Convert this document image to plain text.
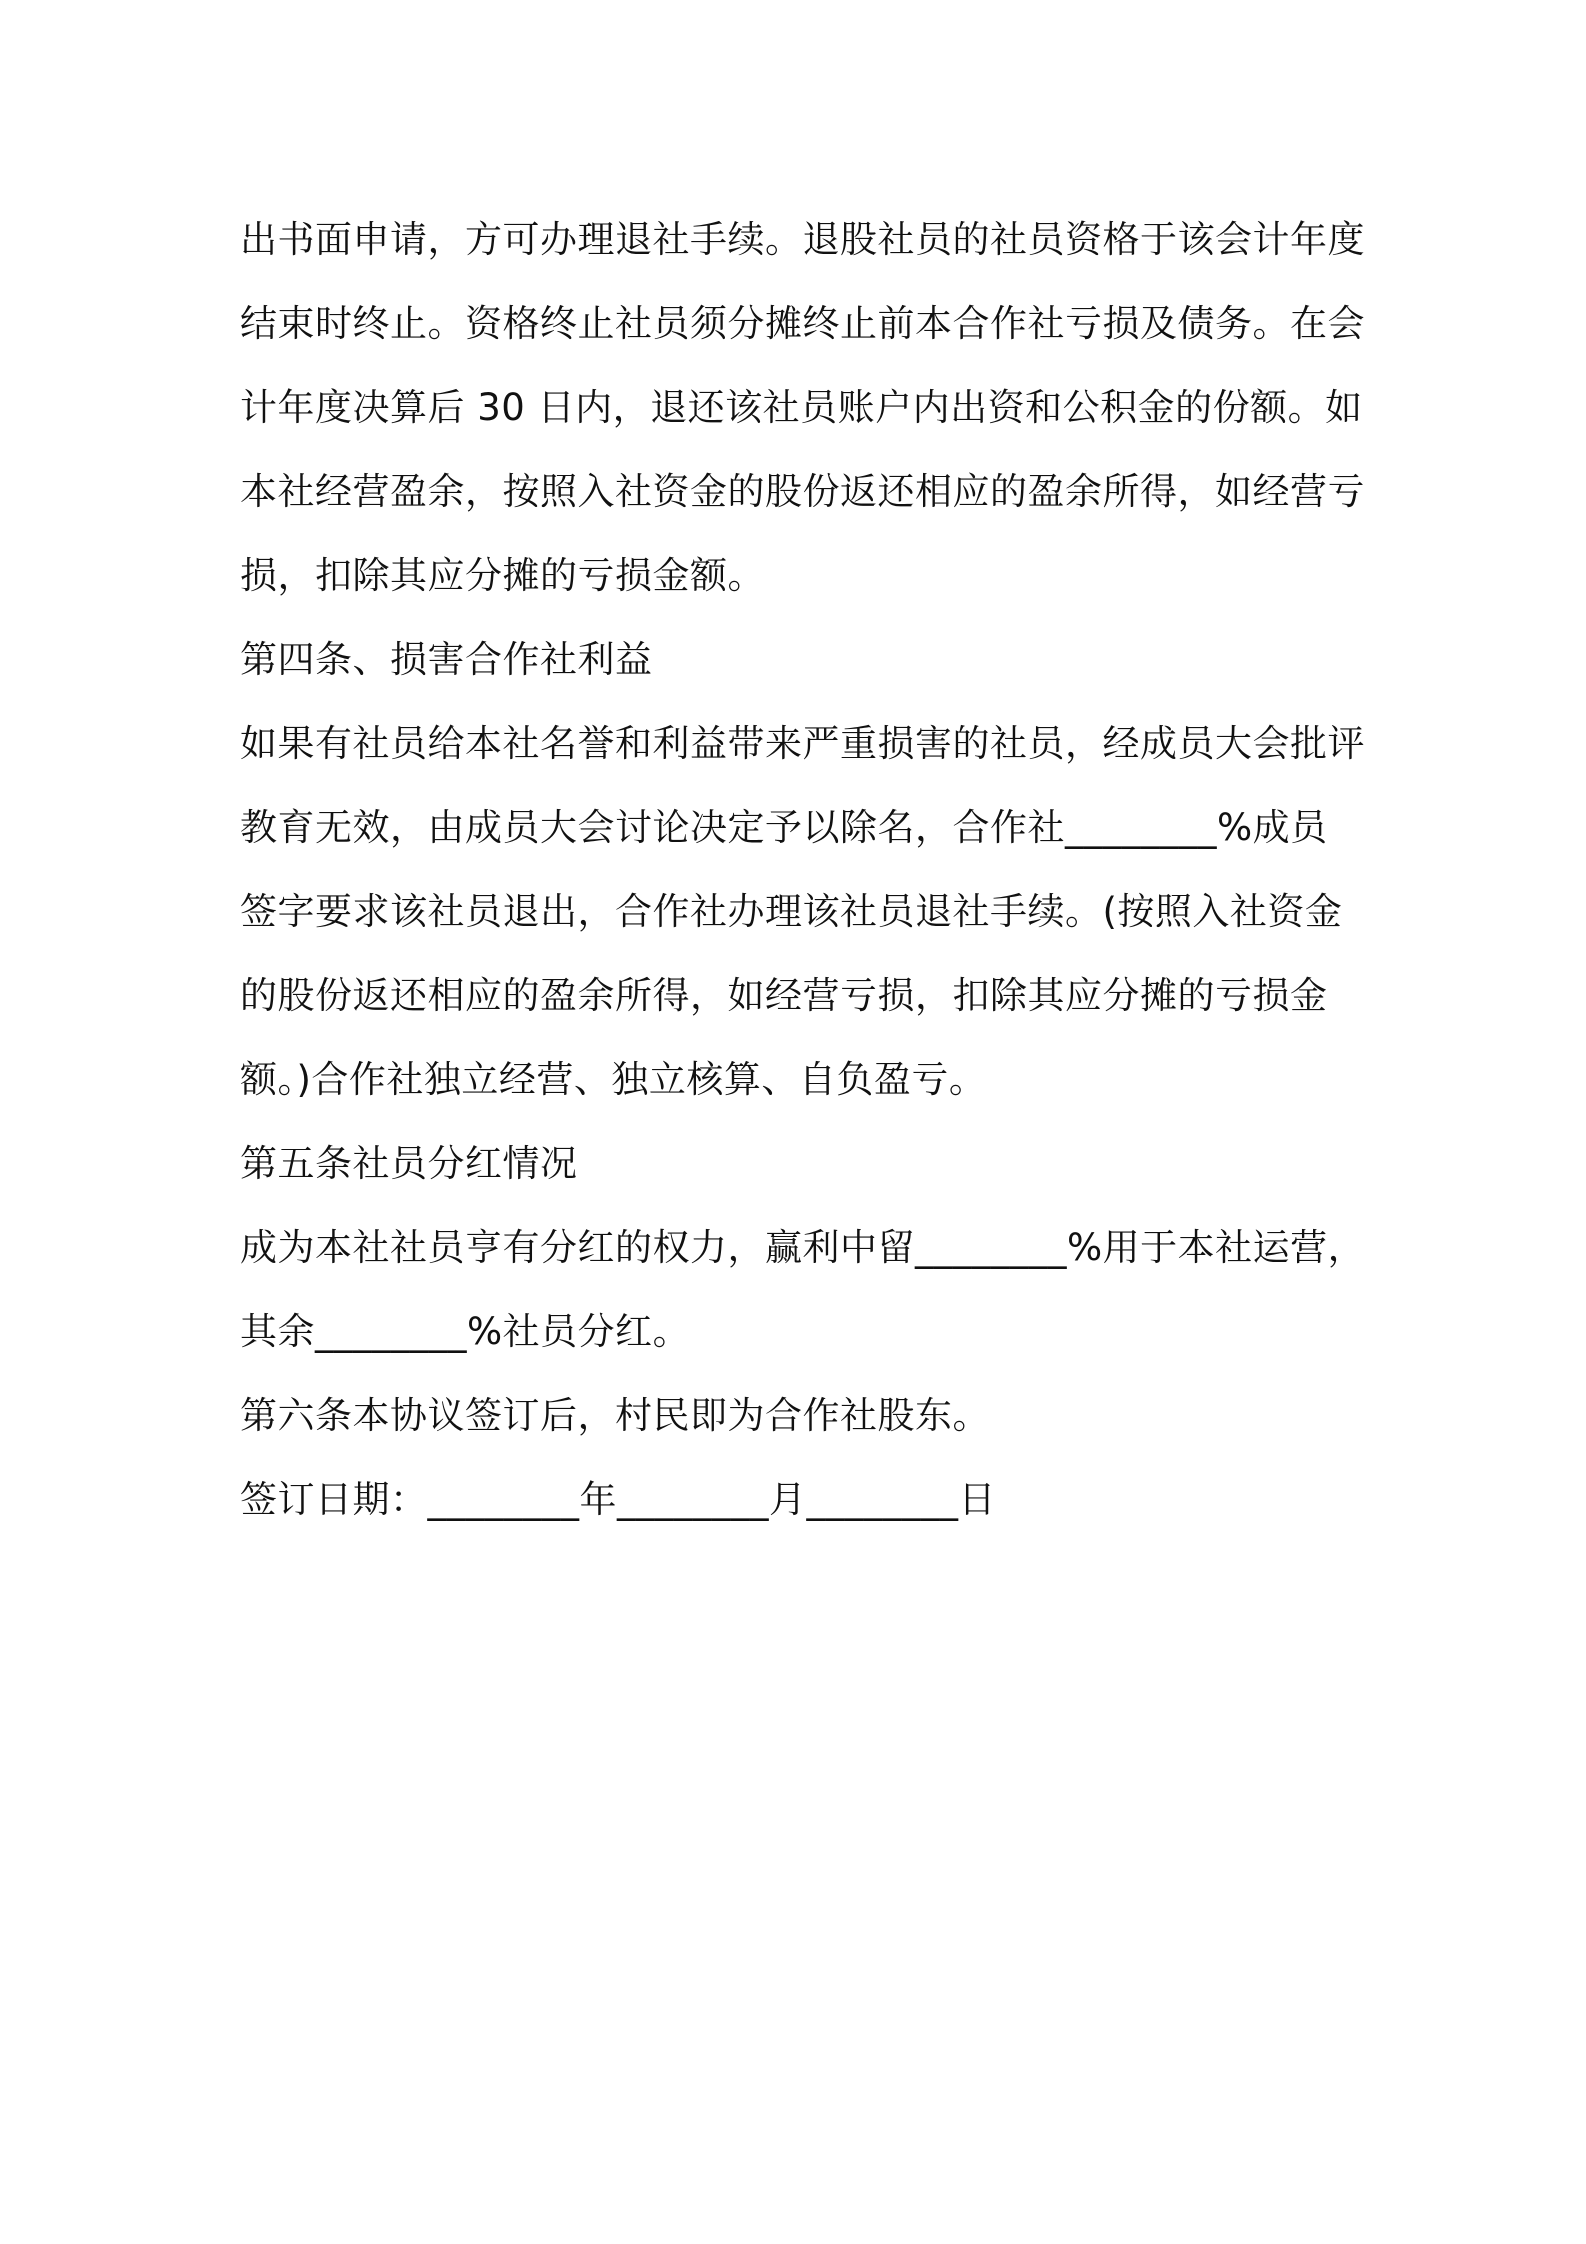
出书面申请，方可办理退社手续。退股社员的社员资格于该会计年度
结束时终止。资格终止社员须分摊终止前本合作社亏损及债务。在会
计年度决算后 30 日内，退还该社员账户内出资和公积金的份额。如
本社经营盈余，按照入社资金的股份返还相应的盈余所得，如经营亏
损，扣除其应分摊的亏损金额。
第四条、损害合作社利益
如果有社员给本社名誉和利益带来严重损害的社员，经成员大会批评
教育无效，由成员大会讨论决定予以除名，合作社________%成员
签字要求该社员退出，合作社办理该社员退社手续。(按照入社资金
的股份返还相应的盈余所得，如经营亏损，扣除其应分摊的亏损金
额。)合作社独立经营、独立核算、自负盈亏。
第五条社员分红情况
成为本社社员亨有分红的权力，赢利中留________%用于本社运营，
其余________%社员分红。
第六条本协议签订后，村民即为合作社股东。
签订日期：________年________月________日
